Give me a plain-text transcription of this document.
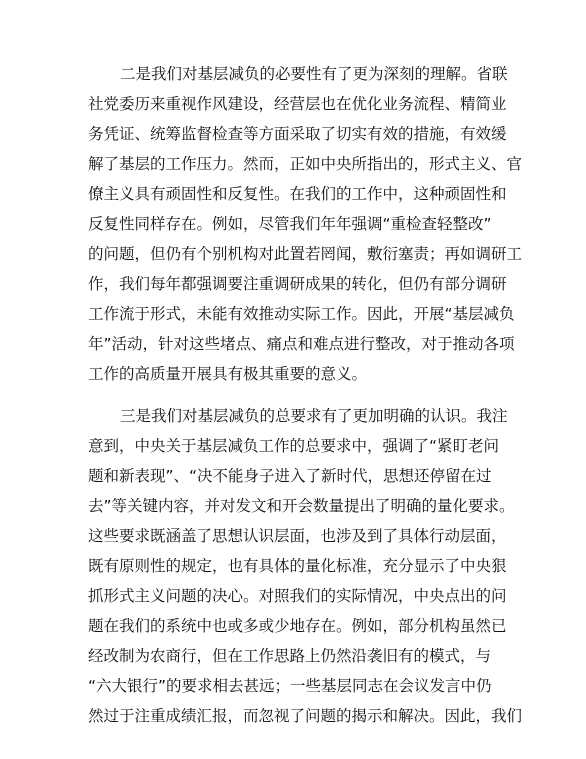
二是我们对基层减负的必要性有了更为深刻的理解。省联
社党委历来重视作风建设，经营层也在优化业务流程、精简业
务凭证、统筹监督检查等方面采取了切实有效的措施，有效缓
解了基层的工作压力。然而，正如中央所指出的，形式主义、官
僚主义具有顽固性和反复性。在我们的工作中，这种顽固性和
反复性同样存在。例如，尽管我们年年强调“重检查轻整改”
的问题，但仍有个别机构对此置若罔闻，敷衍塞责；再如调研工
作，我们每年都强调要注重调研成果的转化，但仍有部分调研
工作流于形式，未能有效推动实际工作。因此，开展“基层减负
年”活动，针对这些堵点、痛点和难点进行整改，对于推动各项
工作的高质量开展具有极其重要的意义。
三是我们对基层减负的总要求有了更加明确的认识。我注
意到，中央关于基层减负工作的总要求中，强调了“紧盯老问
题和新表现”、“决不能身子进入了新时代，思想还停留在过
去”等关键内容，并对发文和开会数量提出了明确的量化要求。
这些要求既涵盖了思想认识层面，也涉及到了具体行动层面，
既有原则性的规定，也有具体的量化标准，充分显示了中央狠
抓形式主义问题的决心。对照我们的实际情况，中央点出的问
题在我们的系统中也或多或少地存在。例如，部分机构虽然已
经改制为农商行，但在工作思路上仍然沿袭旧有的模式，与
“六大银行”的要求相去甚远；一些基层同志在会议发言中仍
然过于注重成绩汇报，而忽视了问题的揭示和解决。因此，我们
